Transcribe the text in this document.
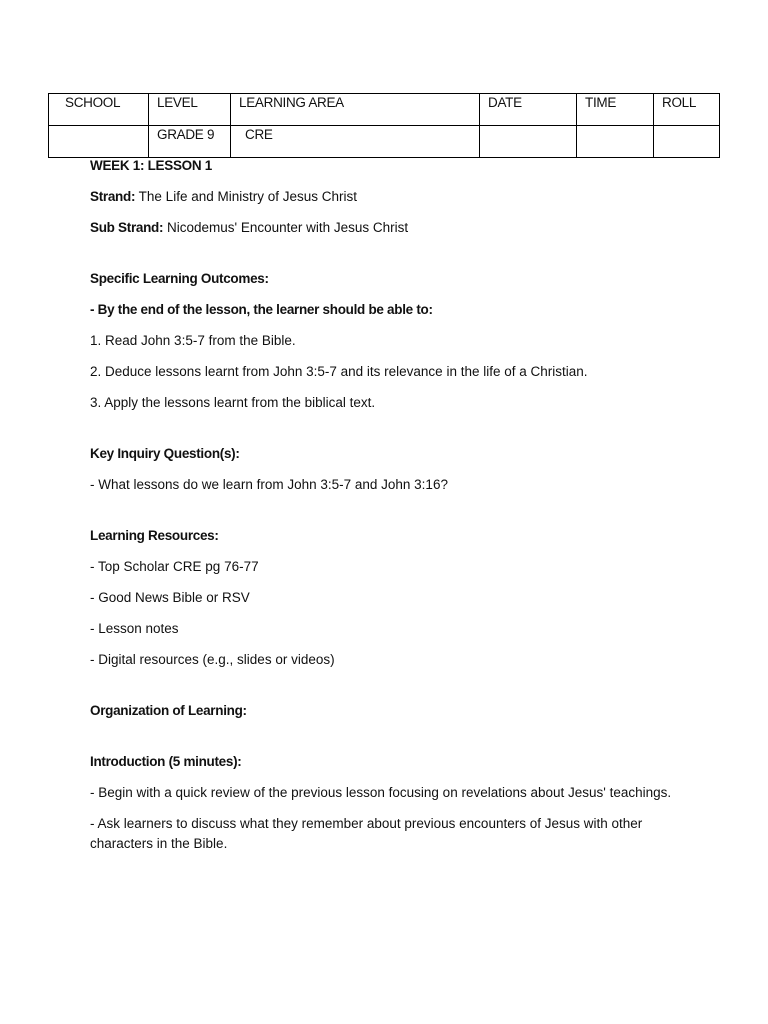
SCHOOL	LEVEL	LEARNING AREA	DATE	TIME	ROLL
	GRADE 9	CRE			

WEEK 1: LESSON 1

Strand: The Life and Ministry of Jesus Christ

Sub Strand: Nicodemus' Encounter with Jesus Christ

Specific Learning Outcomes:

- By the end of the lesson, the learner should be able to:

1. Read John 3:5-7 from the Bible.

2. Deduce lessons learnt from John 3:5-7 and its relevance in the life of a Christian.

3. Apply the lessons learnt from the biblical text.

Key Inquiry Question(s):

- What lessons do we learn from John 3:5-7 and John 3:16?

Learning Resources:

- Top Scholar CRE pg 76-77

- Good News Bible or RSV

- Lesson notes

- Digital resources (e.g., slides or videos)

Organization of Learning:

Introduction (5 minutes):

- Begin with a quick review of the previous lesson focusing on revelations about Jesus' teachings.

- Ask learners to discuss what they remember about previous encounters of Jesus with other characters in the Bible.
